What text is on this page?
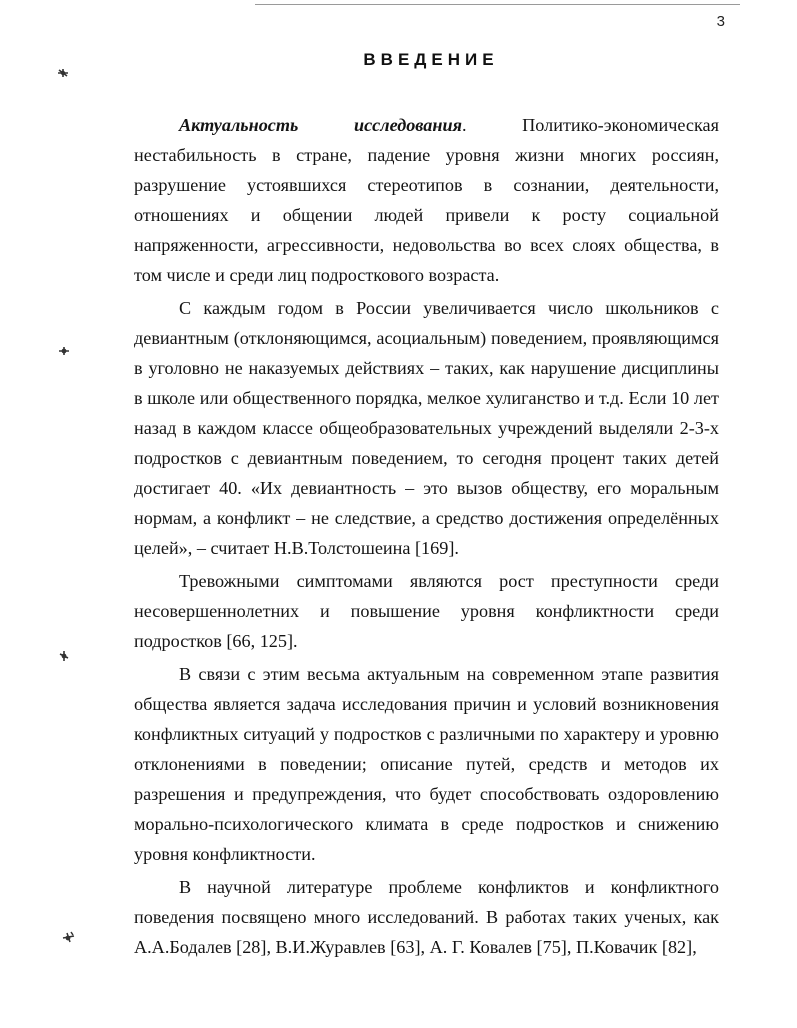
3
ВВЕДЕНИЕ

Актуальность исследования. Политико-экономическая нестабильность в стране, падение уровня жизни многих россиян, разрушение устоявшихся стереотипов в сознании, деятельности, отношениях и общении людей привели к росту социальной напряженности, агрессивности, недовольства во всех слоях общества, в том числе и среди лиц подросткового возраста.

С каждым годом в России увеличивается число школьников с девиантным (отклоняющимся, асоциальным) поведением, проявляющимся в уголовно не наказуемых действиях – таких, как нарушение дисциплины в школе или общественного порядка, мелкое хулиганство и т.д. Если 10 лет назад в каждом классе общеобразовательных учреждений выделяли 2-3-х подростков с девиантным поведением, то сегодня процент таких детей достигает 40. «Их девиантность – это вызов обществу, его моральным нормам, а конфликт – не следствие, а средство достижения определённых целей», – считает Н.В.Толстошеина [169].

Тревожными симптомами являются рост преступности среди несовершеннолетних и повышение уровня конфликтности среди подростков [66, 125].

В связи с этим весьма актуальным на современном этапе развития общества является задача исследования причин и условий возникновения конфликтных ситуаций у подростков с различными по характеру и уровню отклонениями в поведении; описание путей, средств и методов их разрешения и предупреждения, что будет способствовать оздоровлению морально-психологического климата в среде подростков и снижению уровня конфликтности.

В научной литературе проблеме конфликтов и конфликтного поведения посвящено много исследований. В работах таких ученых, как А.А.Бодалев [28], В.И.Журавлев [63], А. Г. Ковалев [75], П.Ковачик [82],
